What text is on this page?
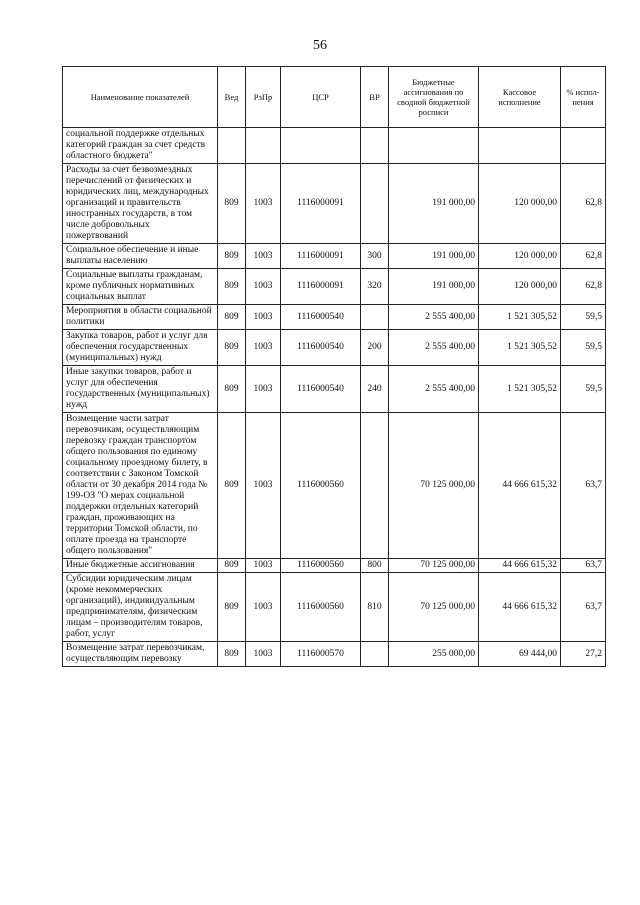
56
Наименование показателей	Вед	РзПр	ЦСР	ВР	Бюджетные ассигнования по сводной бюджетной росписи	Кассовое исполнение	% испол-нения
социальной поддержке отдельных категорий граждан за счет средств областного бюджета"							
Расходы за счет безвозмездных перечислений от физических и юридических лиц, международных организаций и правительств иностранных государств, в том числе добровольных пожертвований	809	1003	1116000091		191 000,00	120 000,00	62,8
Социальное обеспечение и иные выплаты населению	809	1003	1116000091	300	191 000,00	120 000,00	62,8
Социальные выплаты гражданам, кроме публичных нормативных социальных выплат	809	1003	1116000091	320	191 000,00	120 000,00	62,8
Мероприятия в области социальной политики	809	1003	1116000540		2 555 400,00	1 521 305,52	59,5
Закупка товаров, работ и услуг для обеспечения государственных (муниципальных) нужд	809	1003	1116000540	200	2 555 400,00	1 521 305,52	59,5
Иные закупки товаров, работ и услуг для обеспечения государственных (муниципальных) нужд	809	1003	1116000540	240	2 555 400,00	1 521 305,52	59,5
Возмещение части затрат перевозчикам, осуществляющим перевозку граждан транспортом общего пользования по единому социальному проездному билету, в соответствии с Законом Томской области от 30 декабря 2014 года № 199-ОЗ "О мерах социальной поддержки отдельных категорий граждан, проживающих на территории Томской области, по оплате проезда на транспорте общего пользования"	809	1003	1116000560		70 125 000,00	44 666 615,32	63,7
Иные бюджетные ассигнования	809	1003	1116000560	800	70 125 000,00	44 666 615,32	63,7
Субсидии юридическим лицам (кроме некоммерческих организаций), индивидуальным предпринимателям, физическим лицам – производителям товаров, работ, услуг	809	1003	1116000560	810	70 125 000,00	44 666 615,32	63,7
Возмещение затрат перевозчикам, осуществляющим перевозку	809	1003	1116000570		255 000,00	69 444,00	27,2
